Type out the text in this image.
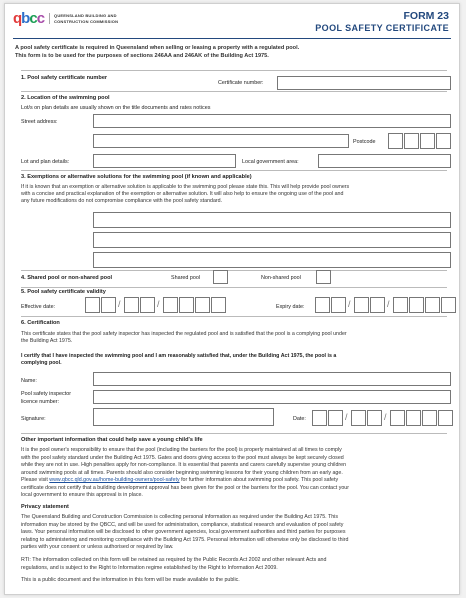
qbcc	QUEENSLAND BUILDING AND
CONSTRUCTION COMMISSION	FORM 23
POOL SAFETY CERTIFICATE
A pool safety certificate is required in Queensland when selling or leasing a property with a regulated pool.
This form is to be used for the purposes of sections 246AA and 246AK of the Building Act 1975.
1. Pool safety certificate number
Certificate number:
2. Location of the swimming pool
Lot/s on plan details are usually shown on the title documents and rates notices
Street address:
Postcode
Lot and plan details:	Local government area:
3. Exemptions or alternative solutions for the swimming pool (if known and applicable)
If it is known that an exemption or alternative solution is applicable to the swimming pool please state this. This will help provide pool owners
with a concise and practical explanation of the exemption or alternative solution. It will also help to ensure the ongoing use of the pool and
any future modifications do not compromise compliance with the pool safety standard.
4. Shared pool or non-shared pool	Shared pool	Non-shared pool
5. Pool safety certificate validity
Effective date:	/	/	Expiry date:	/	/
6. Certification
This certificate states that the pool safety inspector has inspected the regulated pool and is satisfied that the pool is a complying pool under
the Building Act 1975.
I certify that I have inspected the swimming pool and I am reasonably satisfied that, under the Building Act 1975, the pool is a
complying pool.
Name:
Pool safety inspector
licence number:
Signature:	Date:	/	/
Other important information that could help save a young child's life
It is the pool owner's responsibility to ensure that the pool (including the barriers for the pool) is properly maintained at all times to comply
with the pool safety standard under the Building Act 1975. Gates and doors giving access to the pool must always be kept securely closed
while they are not in use. High penalties apply for non-compliance. It is essential that parents and carers carefully supervise young children
around swimming pools at all times. Parents should also consider beginning swimming lessons for their young children from an early age.
Please visit www.qbcc.qld.gov.au/home-building-owners/pool-safety for further information about swimming pool safety. This pool safety
certificate does not certify that a building development approval has been given for the pool or the barriers for the pool. You can contact your
local government to ensure this approval is in place.
Privacy statement
The Queensland Building and Construction Commission is collecting personal information as required under the Building Act 1975. This
information may be stored by the QBCC, and will be used for administration, compliance, statistical research and evaluation of pool safety
laws. Your personal information will be disclosed to other government agencies, local government authorities and third parties for purposes
relating to administering and monitoring compliance with the Building Act 1975. Personal information will otherwise only be disclosed to third
parties with your consent or unless authorised or required by law.
RTI: The information collected on this form will be retained as required by the Public Records Act 2002 and other relevant Acts and
regulations, and is subject to the Right to Information regime established by the Right to Information Act 2009.
This is a public document and the information in this form will be made available to the public.
